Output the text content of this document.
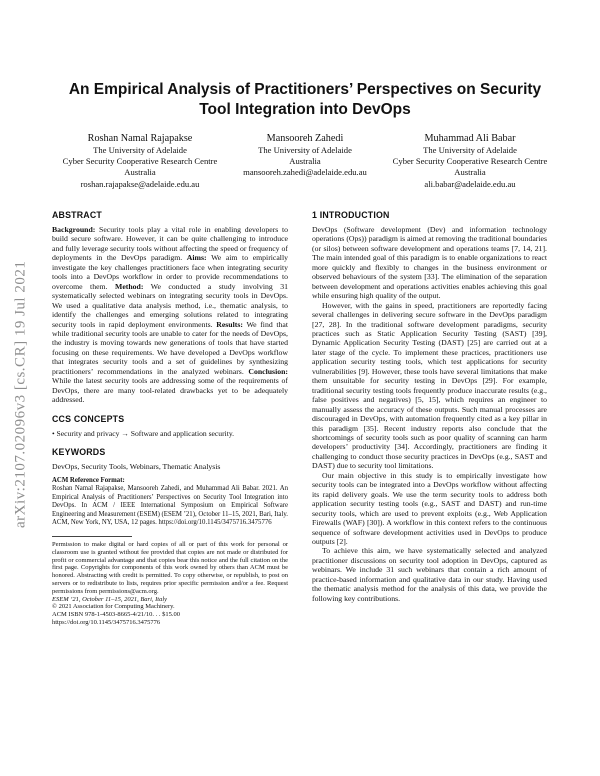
arXiv:2107.02096v3 [cs.CR] 19 Jul 2021
An Empirical Analysis of Practitioners’ Perspectives on Security Tool Integration into DevOps
Roshan Namal Rajapakse
The University of Adelaide
Cyber Security Cooperative Research Centre
Australia
roshan.rajapakse@adelaide.edu.au
Mansooreh Zahedi
The University of Adelaide
Australia
mansooreh.zahedi@adelaide.edu.au
Muhammad Ali Babar
The University of Adelaide
Cyber Security Cooperative Research Centre
Australia
ali.babar@adelaide.edu.au
ABSTRACT

Background: Security tools play a vital role in enabling developers to build secure software. However, it can be quite challenging to introduce and fully leverage security tools without affecting the speed or frequency of deployments in the DevOps paradigm. Aims: We aim to empirically investigate the key challenges practitioners face when integrating security tools into a DevOps workflow in order to provide recommendations to overcome them. Method: We conducted a study involving 31 systematically selected webinars on integrating security tools in DevOps. We used a qualitative data analysis method, i.e., thematic analysis, to identify the challenges and emerging solutions related to integrating security tools in rapid deployment environments. Results: We find that while traditional security tools are unable to cater for the needs of DevOps, the industry is moving towards new generations of tools that have started focusing on these requirements. We have developed a DevOps workflow that integrates security tools and a set of guidelines by synthesizing practitioners’ recommendations in the analyzed webinars. Conclusion: While the latest security tools are addressing some of the requirements of DevOps, there are many tool-related drawbacks yet to be adequately addressed.

CCS CONCEPTS

• Security and privacy → Software and application security.

KEYWORDS

DevOps, Security Tools, Webinars, Thematic Analysis

ACM Reference Format:
Roshan Namal Rajapakse, Mansooreh Zahedi, and Muhammad Ali Babar. 2021. An Empirical Analysis of Practitioners’ Perspectives on Security Tool Integration into DevOps. In ACM / IEEE International Symposium on Empirical Software Engineering and Measurement (ESEM) (ESEM ’21), October 11–15, 2021, Bari, Italy. ACM, New York, NY, USA, 12 pages. https://doi.org/10.1145/3475716.3475776

Permission to make digital or hard copies of all or part of this work for personal or classroom use is granted without fee provided that copies are not made or distributed for profit or commercial advantage and that copies bear this notice and the full citation on the first page. Copyrights for components of this work owned by others than ACM must be honored. Abstracting with credit is permitted. To copy otherwise, or republish, to post on servers or to redistribute to lists, requires prior specific permission and/or a fee. Request permissions from permissions@acm.org.

ESEM ’21, October 11–15, 2021, Bari, Italy

© 2021 Association for Computing Machinery.

ACM ISBN 978-1-4503-8665-4/21/10. . . $15.00

https://doi.org/10.1145/3475716.3475776

1 INTRODUCTION

DevOps (Software development (Dev) and information technology operations (Ops)) paradigm is aimed at removing the traditional boundaries (or silos) between software development and operations teams [7, 14, 21]. The main intended goal of this paradigm is to enable organizations to react more quickly and flexibly to changes in the business environment or observed behaviours of the system [33]. The elimination of the separation between development and operations activities enables achieving this goal while ensuring high quality of the output.

However, with the gains in speed, practitioners are reportedly facing several challenges in delivering secure software in the DevOps paradigm [27, 28]. In the traditional software development paradigms, security practices such as Static Application Security Testing (SAST) [39], Dynamic Application Security Testing (DAST) [25] are carried out at a later stage of the cycle. To implement these practices, practitioners use application security testing tools, which test applications for security vulnerabilities [9]. However, these tools have several limitations that make them unsuitable for security testing in DevOps [29]. For example, traditional security testing tools frequently produce inaccurate results (e.g., false positives and negatives) [5, 15], which requires an engineer to manually assess the accuracy of these outputs. Such manual processes are discouraged in DevOps, with automation frequently cited as a key pillar in this paradigm [35]. Recent industry reports also conclude that the shortcomings of security tools such as poor quality of scanning can harm developers’ productivity [34]. Accordingly, practitioners are finding it challenging to conduct those security practices in DevOps (e.g., SAST and DAST) due to security tool limitations.

Our main objective in this study is to empirically investigate how security tools can be integrated into a DevOps workflow without affecting its rapid delivery goals. We use the term security tools to address both application security testing tools (e.g., SAST and DAST) and run-time security tools, which are used to prevent exploits (e.g., Web Application Firewalls (WAF) [30]). A workflow in this context refers to the continuous sequence of software development activities used in DevOps to produce outputs [2].

To achieve this aim, we have systematically selected and analyzed practitioner discussions on security tool adoption in DevOps, captured as webinars. We include 31 such webinars that contain a rich amount of practice-based information and qualitative data in our study. Having used the thematic analysis method for the analysis of this data, we provide the following key contributions.
